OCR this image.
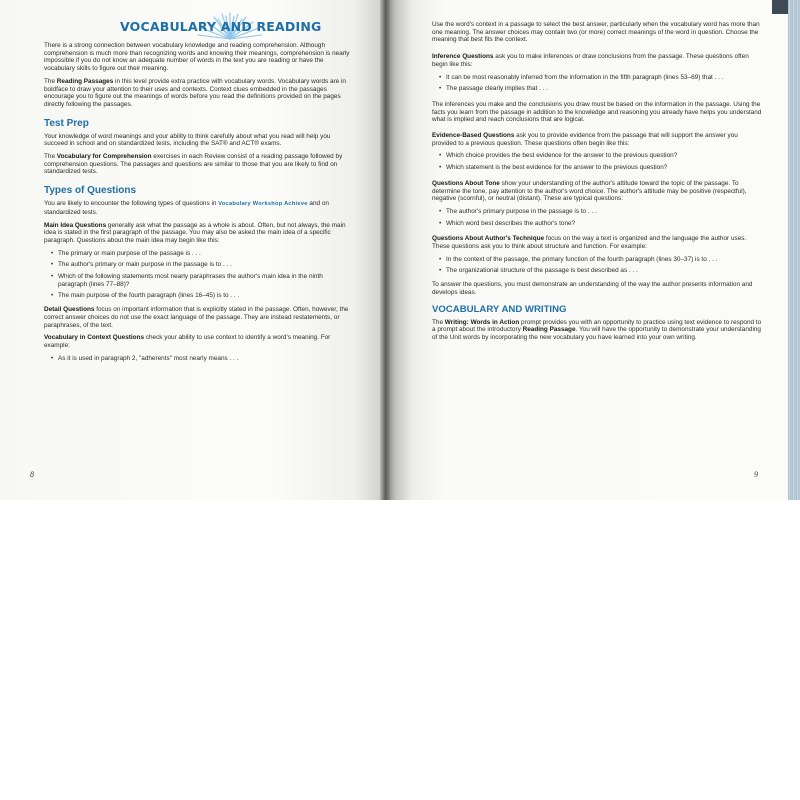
VOCABULARY AND READING

There is a strong connection between vocabulary knowledge and reading comprehension. Although comprehension is much more than recognizing words and knowing their meanings, comprehension is nearly impossible if you do not know an adequate number of words in the text you are reading or have the vocabulary skills to figure out their meaning.

The Reading Passages in this level provide extra practice with vocabulary words. Vocabulary words are in boldface to draw your attention to their uses and contexts. Context clues embedded in the passages encourage you to figure out the meanings of words before you read the definitions provided on the pages directly following the passages.

Test Prep

Your knowledge of word meanings and your ability to think carefully about what you read will help you succeed in school and on standardized tests, including the SAT® and ACT® exams.

The Vocabulary for Comprehension exercises in each Review consist of a reading passage followed by comprehension questions. The passages and questions are similar to those that you are likely to find on standardized tests.

Types of Questions

You are likely to encounter the following types of questions in Vocabulary Workshop Achieve and on standardized tests.

Main Idea Questions generally ask what the passage as a whole is about. Often, but not always, the main idea is stated in the first paragraph of the passage. You may also be asked the main idea of a specific paragraph. Questions about the main idea may begin like this:

• The primary or main purpose of the passage is . . .
• The author's primary or main purpose in the passage is to . . .
• Which of the following statements most nearly paraphrases the author's main idea in the ninth paragraph (lines 77–88)?
• The main purpose of the fourth paragraph (lines 16–45) is to . . .

Detail Questions focus on important information that is explicitly stated in the passage. Often, however, the correct answer choices do not use the exact language of the passage. They are instead restatements, or paraphrases, of the text.

Vocabulary in Context Questions check your ability to use context to identify a word's meaning. For example:

• As it is used in paragraph 2, "adherents" most nearly means . . .
8

Use the word's context in a passage to select the best answer, particularly when the vocabulary word has more than one meaning. The answer choices may contain two (or more) correct meanings of the word in question. Choose the meaning that best fits the context.

Inference Questions ask you to make inferences or draw conclusions from the passage. These questions often begin like this:

• It can be most reasonably inferred from the information in the fifth paragraph (lines 53–69) that . . .
• The passage clearly implies that . . .

The inferences you make and the conclusions you draw must be based on the information in the passage. Using the facts you learn from the passage in addition to the knowledge and reasoning you already have helps you understand what is implied and reach conclusions that are logical.

Evidence-Based Questions ask you to provide evidence from the passage that will support the answer you provided to a previous question. These questions often begin like this:

• Which choice provides the best evidence for the answer to the previous question?
• Which statement is the best evidence for the answer to the previous question?

Questions About Tone show your understanding of the author's attitude toward the topic of the passage. To determine the tone, pay attention to the author's word choice. The author's attitude may be positive (respectful), negative (scornful), or neutral (distant). These are typical questions:

• The author's primary purpose in the passage is to . . .
• Which word best describes the author's tone?

Questions About Author's Technique focus on the way a text is organized and the language the author uses. These questions ask you to think about structure and function. For example:

• In the context of the passage, the primary function of the fourth paragraph (lines 30–37) is to . . .
• The organizational structure of the passage is best described as . . .

To answer the questions, you must demonstrate an understanding of the way the author presents information and develops ideas.

VOCABULARY AND WRITING

The Writing: Words in Action prompt provides you with an opportunity to practice using text evidence to respond to a prompt about the introductory Reading Passage. You will have the opportunity to demonstrate your understanding of the Unit words by incorporating the new vocabulary you have learned into your own writing.

9
